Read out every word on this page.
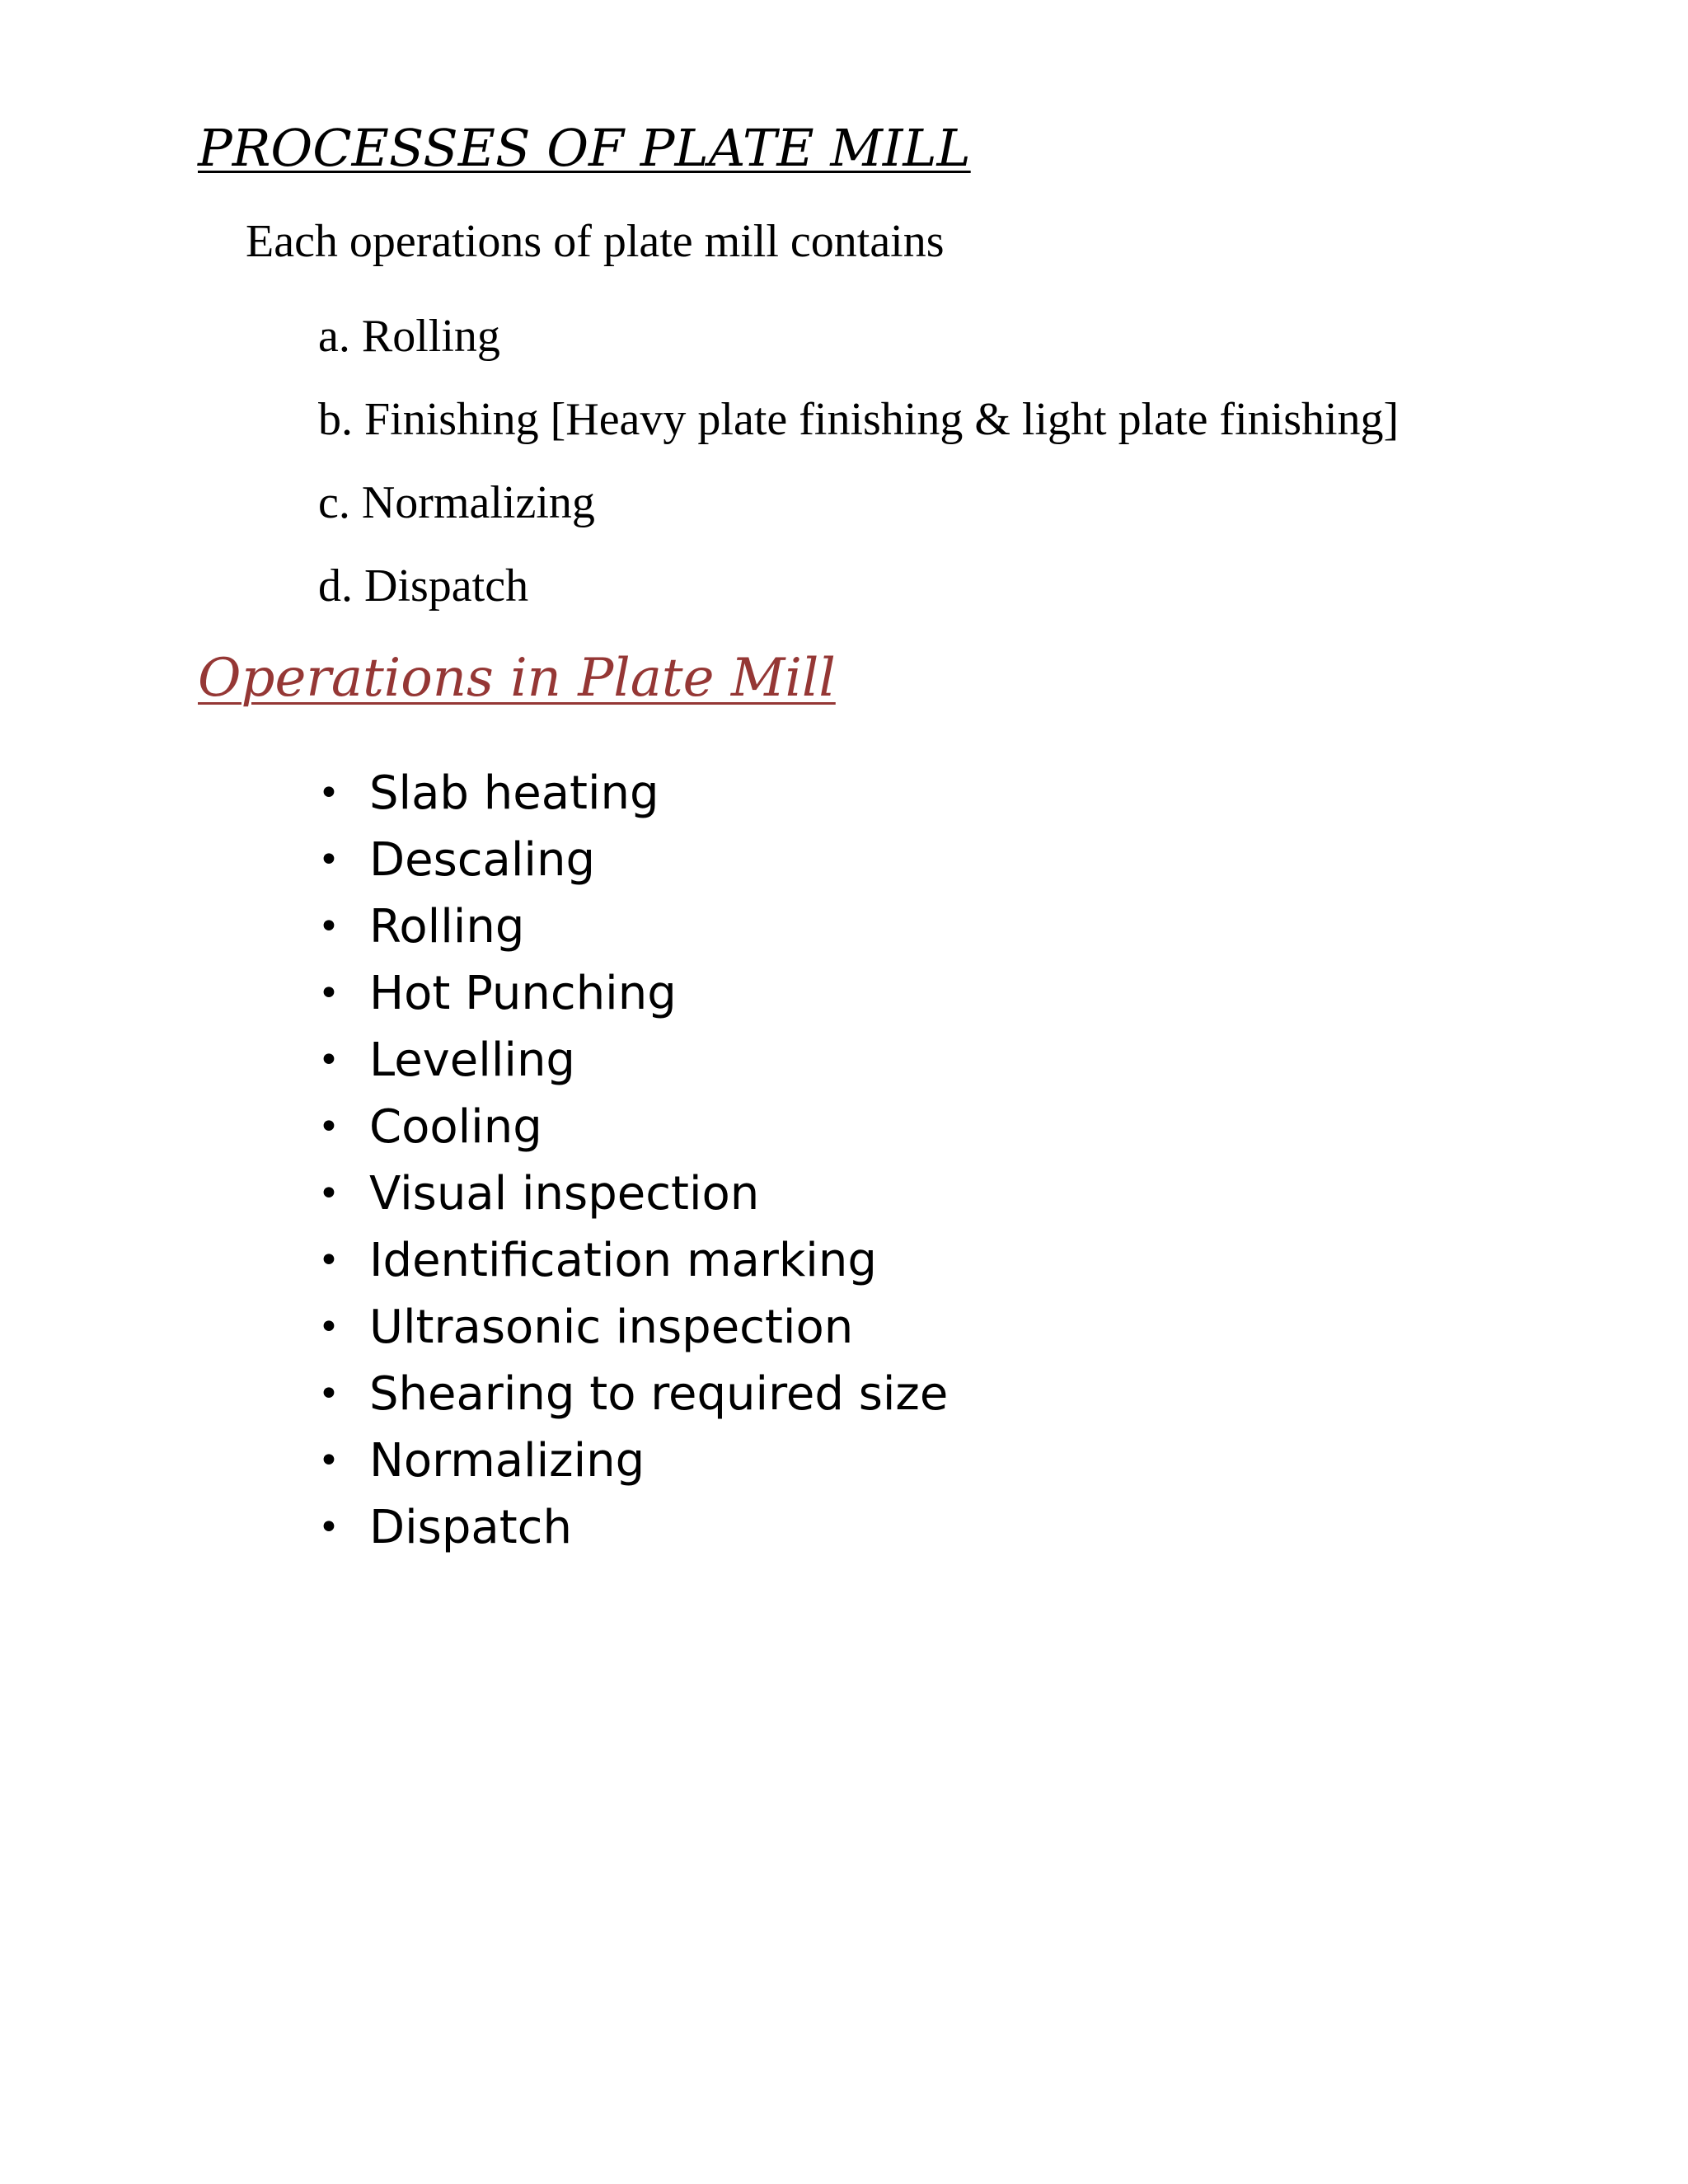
PROCESSES OF PLATE MILL
Each operations of plate mill contains
a. Rolling
b. Finishing [Heavy plate finishing & light plate finishing]
c. Normalizing
d. Dispatch
Operations in Plate Mill
• Slab heating
• Descaling
• Rolling
• Hot Punching
• Levelling
• Cooling
• Visual inspection
• Identification marking
• Ultrasonic inspection
• Shearing to required size
• Normalizing
• Dispatch
